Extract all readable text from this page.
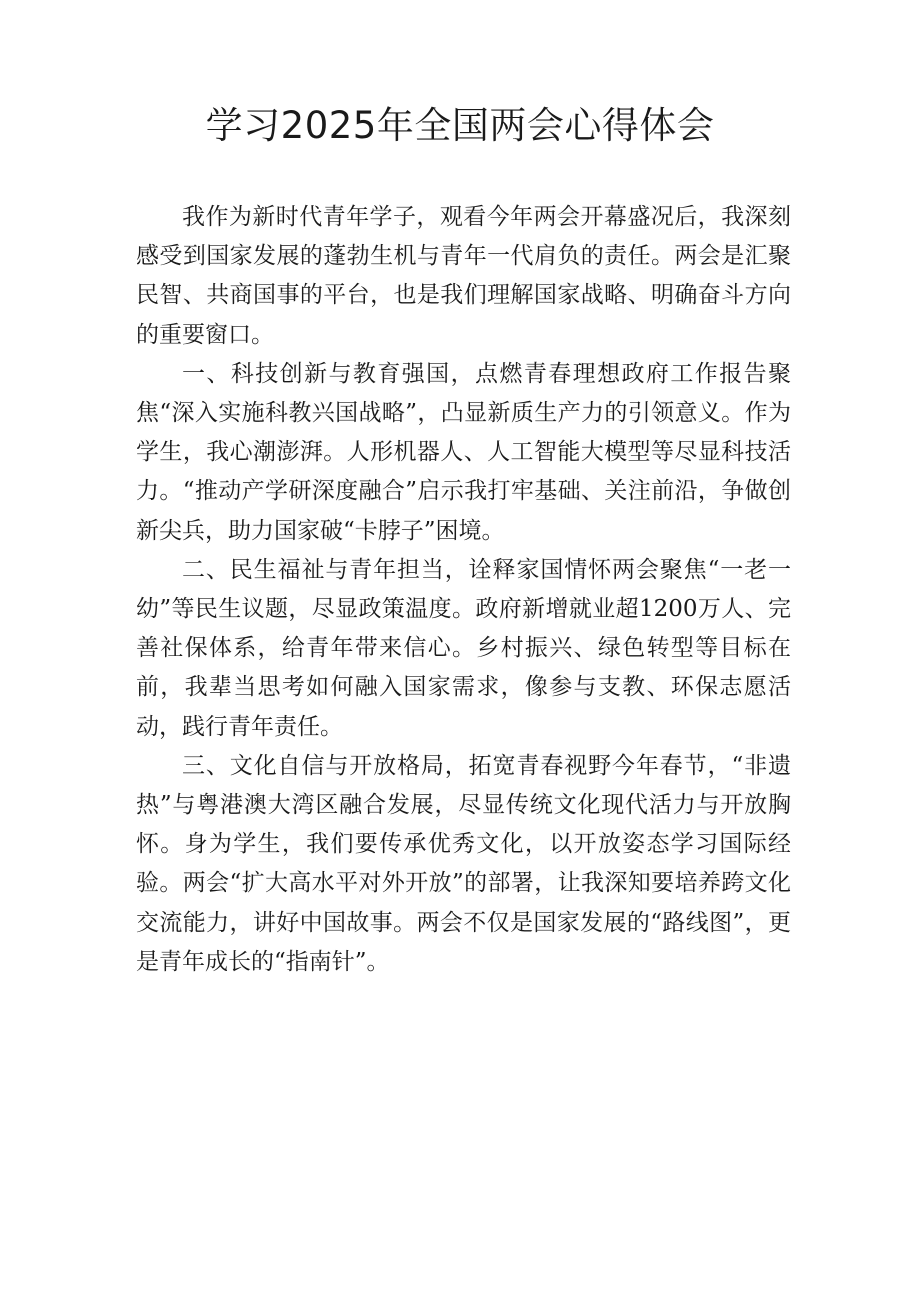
学习2025年全国两会心得体会

我作为新时代青年学子，观看今年两会开幕盛况后，我深刻感受到国家发展的蓬勃生机与青年一代肩负的责任。两会是汇聚民智、共商国事的平台，也是我们理解国家战略、明确奋斗方向的重要窗口。

一、科技创新与教育强国，点燃青春理想政府工作报告聚焦“深入实施科教兴国战略”，凸显新质生产力的引领意义。作为学生，我心潮澎湃。人形机器人、人工智能大模型等尽显科技活力。“推动产学研深度融合”启示我打牢基础、关注前沿，争做创新尖兵，助力国家破“卡脖子”困境。

二、民生福祉与青年担当，诠释家国情怀两会聚焦“一老一幼”等民生议题，尽显政策温度。政府新增就业超1200万人、完善社保体系，给青年带来信心。乡村振兴、绿色转型等目标在前，我辈当思考如何融入国家需求，像参与支教、环保志愿活动，践行青年责任。

三、文化自信与开放格局，拓宽青春视野今年春节，“非遗热”与粤港澳大湾区融合发展，尽显传统文化现代活力与开放胸怀。身为学生，我们要传承优秀文化，以开放姿态学习国际经验。两会“扩大高水平对外开放”的部署，让我深知要培养跨文化交流能力，讲好中国故事。两会不仅是国家发展的“路线图”，更是青年成长的“指南针”。
